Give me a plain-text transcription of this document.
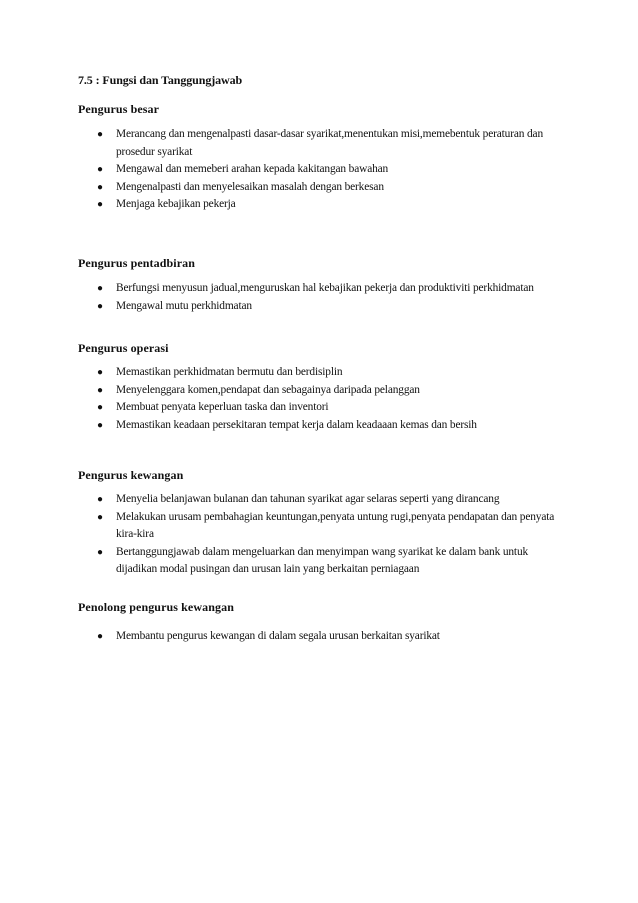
7.5 : Fungsi dan Tanggungjawab
Pengurus besar
● Merancang dan mengenalpasti dasar-dasar syarikat,menentukan misi,memebentuk peraturan dan prosedur syarikat
● Mengawal dan memeberi arahan kepada kakitangan bawahan
● Mengenalpasti dan menyelesaikan masalah dengan berkesan
● Menjaga kebajikan pekerja
Pengurus pentadbiran
● Berfungsi menyusun jadual,menguruskan hal kebajikan pekerja dan produktiviti perkhidmatan
● Mengawal mutu perkhidmatan
Pengurus operasi
● Memastikan perkhidmatan bermutu dan berdisiplin
● Menyelenggara komen,pendapat dan sebagainya daripada pelanggan
● Membuat penyata keperluan taska dan inventori
● Memastikan keadaan persekitaran tempat kerja dalam keadaaan kemas dan bersih
Pengurus kewangan
● Menyelia belanjawan bulanan dan tahunan syarikat agar selaras seperti yang dirancang
● Melakukan urusam pembahagian keuntungan,penyata untung rugi,penyata pendapatan dan penyata kira-kira
● Bertanggungjawab dalam mengeluarkan dan menyimpan wang syarikat ke dalam bank untuk dijadikan modal pusingan dan urusan lain yang berkaitan perniagaan
Penolong pengurus kewangan
● Membantu pengurus kewangan di dalam segala urusan berkaitan syarikat
